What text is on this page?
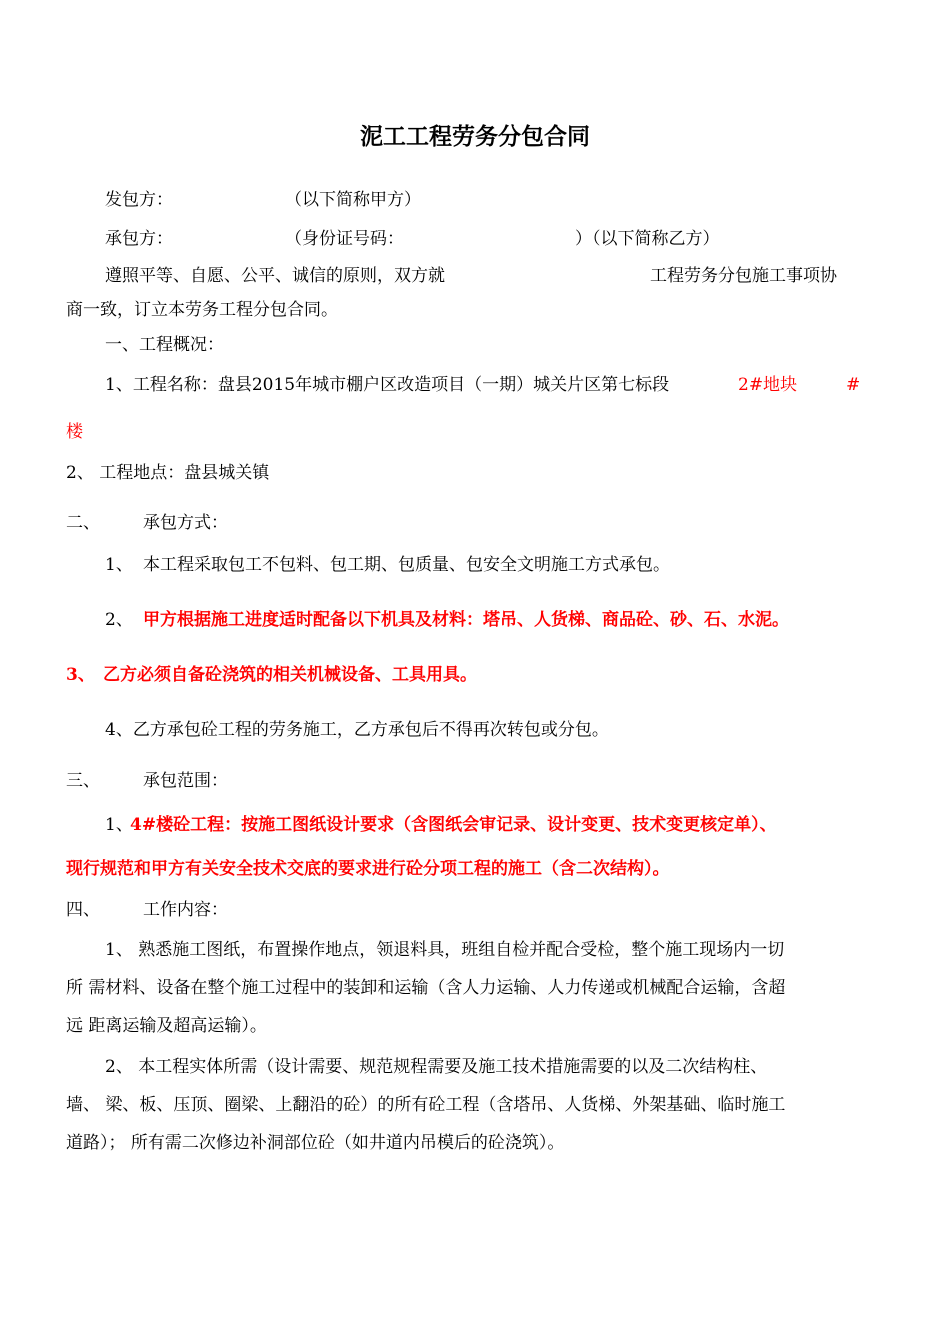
泥工工程劳务分包合同
发包方：	（以下简称甲方）
承包方：	（身份证号码：	）（以下简称乙方）
遵照平等、自愿、公平、诚信的原则，双方就	工程劳务分包施工事项协
商一致，订立本劳务工程分包合同。
一、工程概况：
1、工程名称：盘县2015年城市棚户区改造项目（一期）城关片区第七标段	2#地块	#
楼
2、 工程地点：盘县城关镇
二、	承包方式：
1、 本工程采取包工不包料、包工期、包质量、包安全文明施工方式承包。
2、 甲方根据施工进度适时配备以下机具及材料：塔吊、人货梯、商品砼、砂、石、水泥。
3、 乙方必须自备砼浇筑的相关机械设备、工具用具。
4、乙方承包砼工程的劳务施工，乙方承包后不得再次转包或分包。
三、	承包范围：
1、
4#楼砼工程：按施工图纸设计要求（含图纸会审记录、设计变更、技术变更核定单）、
现行规范和甲方有关安全技术交底的要求进行砼分项工程的施工（含二次结构）。
四、	工作内容：
1、 熟悉施工图纸，布置操作地点，领退料具，班组自检并配合受检，整个施工现场内一切
所 需材料、设备在整个施工过程中的装卸和运输（含人力运输、人力传递或机械配合运输，含超
远 距离运输及超高运输）。
2、 本工程实体所需（设计需要、规范规程需要及施工技术措施需要的以及二次结构柱、
墙、 梁、板、压顶、圈梁、上翻沿的砼）的所有砼工程（含塔吊、人货梯、外架基础、临时施工
道路）； 所有需二次修边补洞部位砼（如井道内吊模后的砼浇筑）。
